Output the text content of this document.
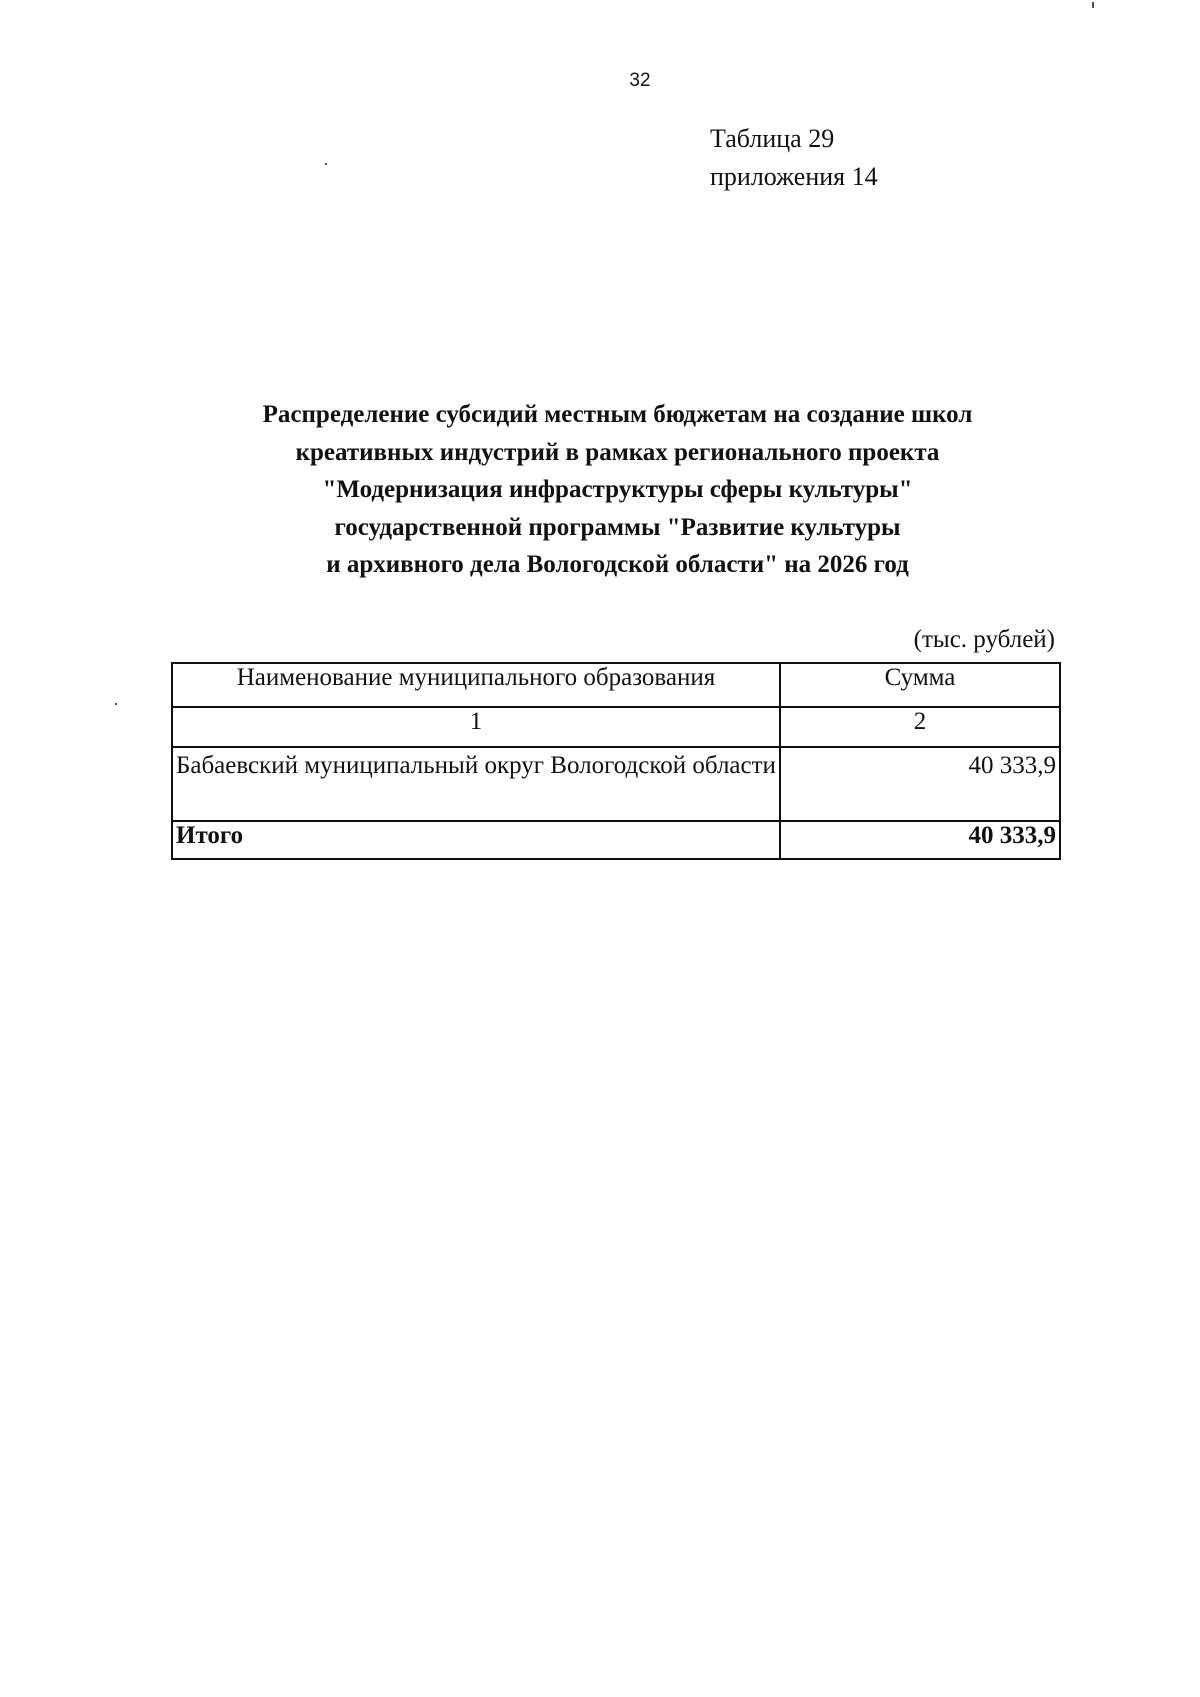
32
Таблица 29
приложения 14
Распределение субсидий местным бюджетам на создание школ
креативных индустрий в рамках регионального проекта
"Модернизация инфраструктуры сферы культуры"
государственной программы "Развитие культуры
и архивного дела Вологодской области" на 2026 год
(тыс. рублей)
Наименование муниципального образования	Сумма
1	2
Бабаевский муниципальный округ Вологодской области	40 333,9
Итого	40 333,9
